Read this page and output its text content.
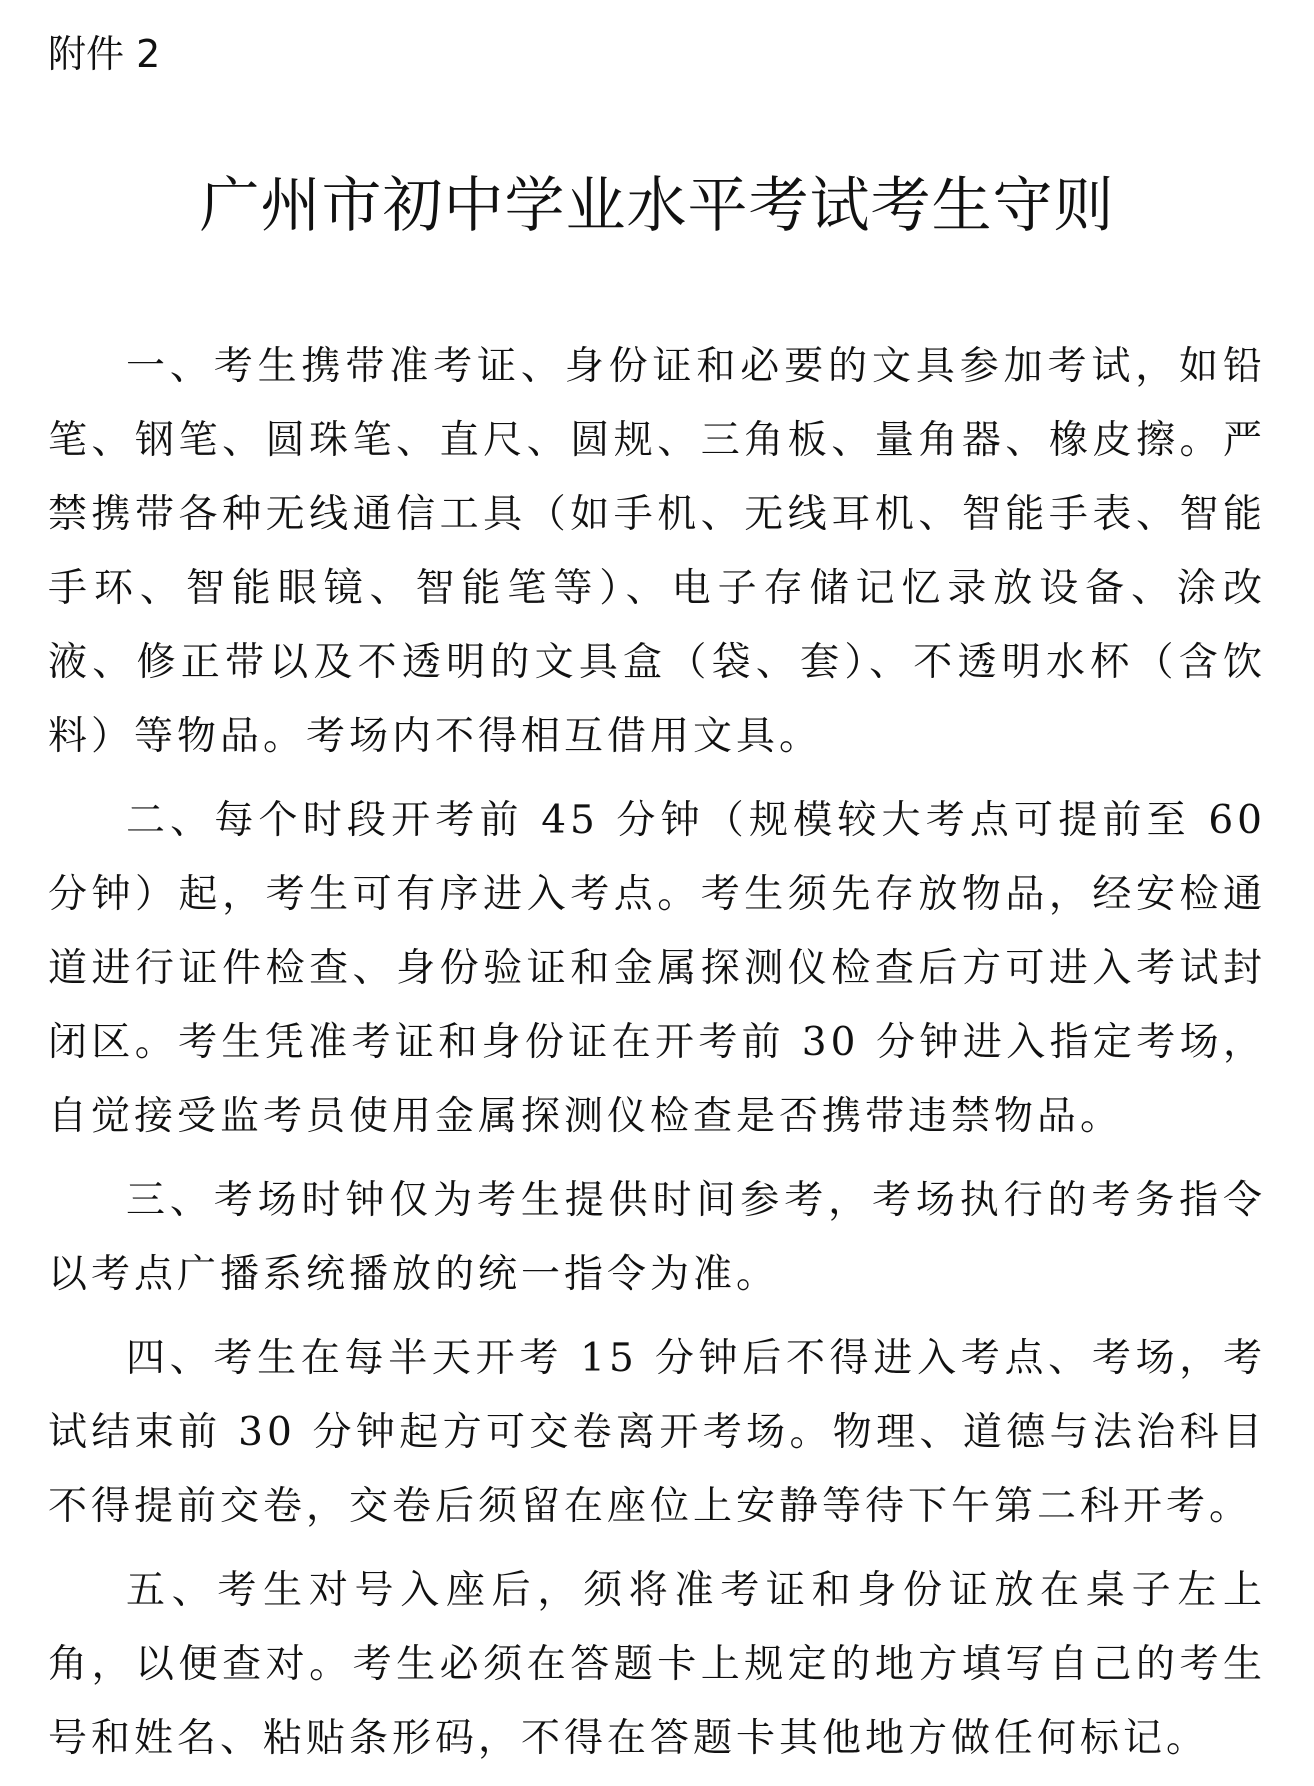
附件 2

广州市初中学业水平考试考生守则

一、考生携带准考证、身份证和必要的文具参加考试，如铅笔、钢笔、圆珠笔、直尺、圆规、三角板、量角器、橡皮擦。严禁携带各种无线通信工具（如手机、无线耳机、智能手表、智能手环、智能眼镜、智能笔等）、电子存储记忆录放设备、涂改液、修正带以及不透明的文具盒（袋、套）、不透明水杯（含饮料）等物品。考场内不得相互借用文具。

二、每个时段开考前 45 分钟（规模较大考点可提前至 60 分钟）起，考生可有序进入考点。考生须先存放物品，经安检通道进行证件检查、身份验证和金属探测仪检查后方可进入考试封闭区。考生凭准考证和身份证在开考前 30 分钟进入指定考场，自觉接受监考员使用金属探测仪检查是否携带违禁物品。

三、考场时钟仅为考生提供时间参考，考场执行的考务指令以考点广播系统播放的统一指令为准。

四、考生在每半天开考 15 分钟后不得进入考点、考场，考试结束前 30 分钟起方可交卷离开考场。物理、道德与法治科目不得提前交卷，交卷后须留在座位上安静等待下午第二科开考。

五、考生对号入座后，须将准考证和身份证放在桌子左上角，以便查对。考生必须在答题卡上规定的地方填写自己的考生号和姓名、粘贴条形码，不得在答题卡其他地方做任何标记。
